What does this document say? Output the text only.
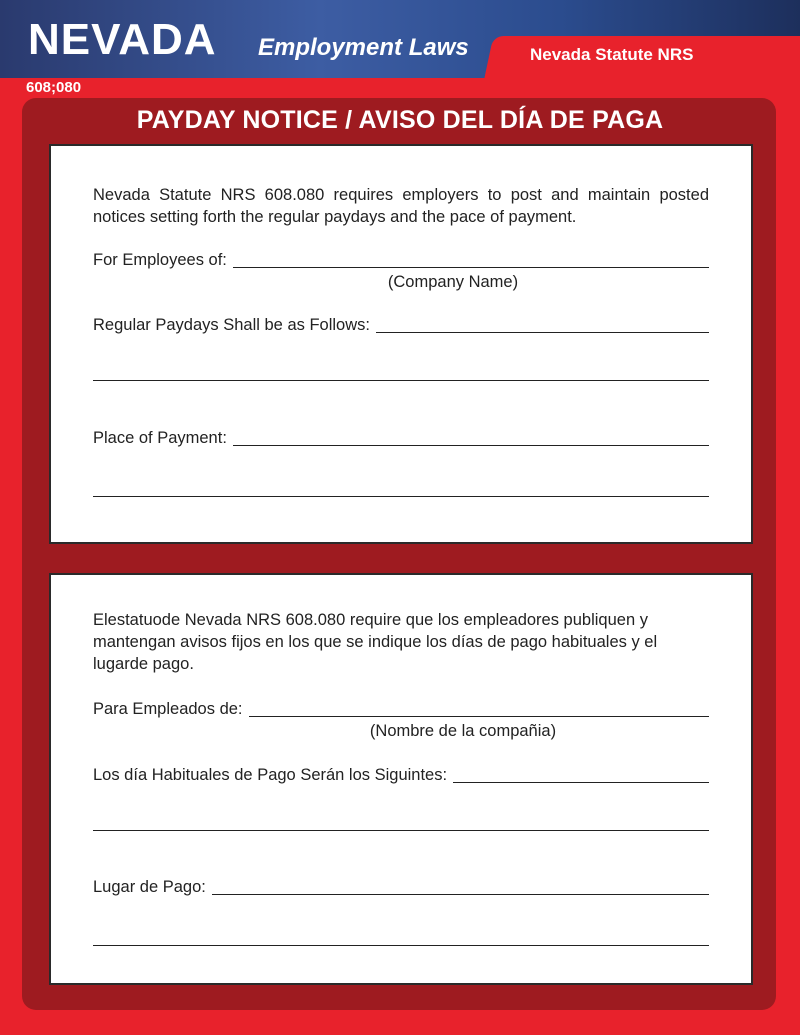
NEVADA Employment Laws	Nevada Statute NRS
608;080
PAYDAY NOTICE / AVISO DEL DÍA DE PAGA
Nevada Statute NRS 608.080 requires employers to post and maintain posted notices setting forth the regular paydays and the pace of payment.
For Employees of:
(Company Name)
Regular Paydays Shall be as Follows:
Place of Payment:
Elestatuode Nevada NRS 608.080 require que los empleadores publiquen y mantengan avisos fijos en los que se indique los días de pago habituales y el lugarde pago.
Para Empleados de:
(Nombre de la compañia)
Los día Habituales de Pago Serán los Siguintes:
Lugar de Pago:
